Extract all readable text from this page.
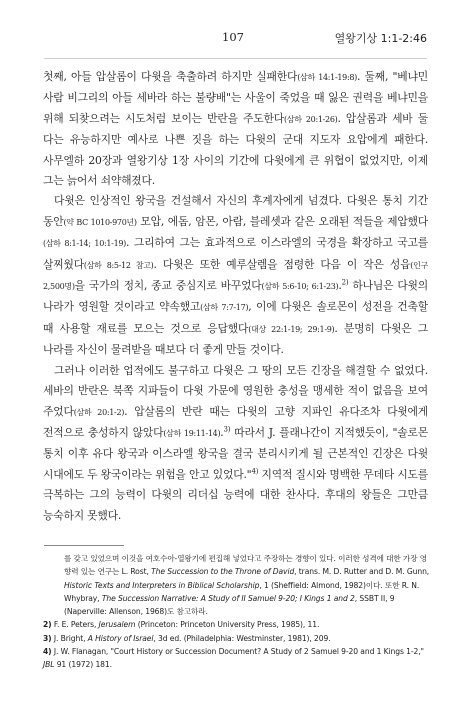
107	열왕기상 1:1-2:46

첫째, 아들 압살롬이 다윗을 축출하려 하지만 실패한다(삼하 14:1-19:8). 둘째, "베냐민 사람 비그리의 아들 세바라 하는 불량배"는 사울이 죽었을 때 잃은 권력을 베냐민을 위해 되찾으려는 시도처럼 보이는 반란을 주도한다(삼하 20:1-26). 압살롬과 세바 둘 다는 유능하지만 예사로 나쁜 짓을 하는 다윗의 군대 지도자 요압에게 패한다. 사무엘하 20장과 열왕기상 1장 사이의 기간에 다윗에게 큰 위협이 없었지만, 이제 그는 늙어서 쇠약해졌다.

다윗은 인상적인 왕국을 건설해서 자신의 후계자에게 넘겼다. 다윗은 통치 기간 동안(약 BC 1010-970년) 모압, 에돔, 암몬, 아람, 블레셋과 같은 오래된 적들을 제압했다(삼하 8:1-14; 10:1-19). 그리하여 그는 효과적으로 이스라엘의 국경을 확장하고 국고를 살찌웠다(삼하 8:5-12 참고). 다윗은 또한 예루살렘을 점령한 다음 이 작은 성읍(인구 2,500명)을 국가의 정치, 종교 중심지로 바꾸었다(삼하 5:6-10; 6:1-23).$^{2)}$ 하나님은 다윗의 나라가 영원할 것이라고 약속했고(삼하 7:7-17), 이에 다윗은 솔로몬이 성전을 건축할 때 사용할 재료를 모으는 것으로 응답했다(대상 22:1-19; 29:1-9). 분명히 다윗은 그 나라를 자신이 물려받을 때보다 더 좋게 만들 것이다.

그러나 이러한 업적에도 불구하고 다윗은 그 땅의 모든 긴장을 해결할 수 없었다. 세바의 반란은 북쪽 지파들이 다윗 가문에 영원한 충성을 맹세한 적이 없음을 보여 주었다(삼하 20:1-2). 압살롬의 반란 때는 다윗의 고향 지파인 유다조차 다윗에게 전적으로 충성하지 않았다(삼하 19:11-14).$^{3)}$ 따라서 J. 플래나간이 지적했듯이, "솔로몬 통치 이후 유다 왕국과 이스라엘 왕국을 결국 분리시키게 될 근본적인 긴장은 다윗 시대에도 두 왕국이라는 위험을 안고 있었다."$^{4)}$ 지역적 질시와 명백한 무데타 시도를 극복하는 그의 능력이 다윗의 리더십 능력에 대한 찬사다. 후대의 왕들은 그만큼 능숙하지 못했다.

를 갖고 있었으며 이것을 여호수아-열왕기에 편집해 넣었다고 주장하는 경향이 있다. 이러한 성격에 대한 가장 영향력 있는 연구는 L. Rost, The Succession to the Throne of David, trans. M. D. Rutter and D. M. Gunn, Historic Texts and Interpreters in Biblical Scholarship, 1 (Sheffield: Almond, 1982)이다. 또한 R. N. Whybray, The Succession Narrative: A Study of II Samuel 9-20; I Kings 1 and 2, SSBT II, 9 (Naperville: Allenson, 1968)도 참고하라.

2) F. E. Peters, Jerusalem (Princeton: Princeton University Press, 1985), 11.

3) J. Bright, A History of Israel, 3d ed. (Philadelphia: Westminster, 1981), 209.

4) J. W. Flanagan, "Court History or Succession Document? A Study of 2 Samuel 9-20 and 1 Kings 1-2," JBL 91 (1972) 181.
